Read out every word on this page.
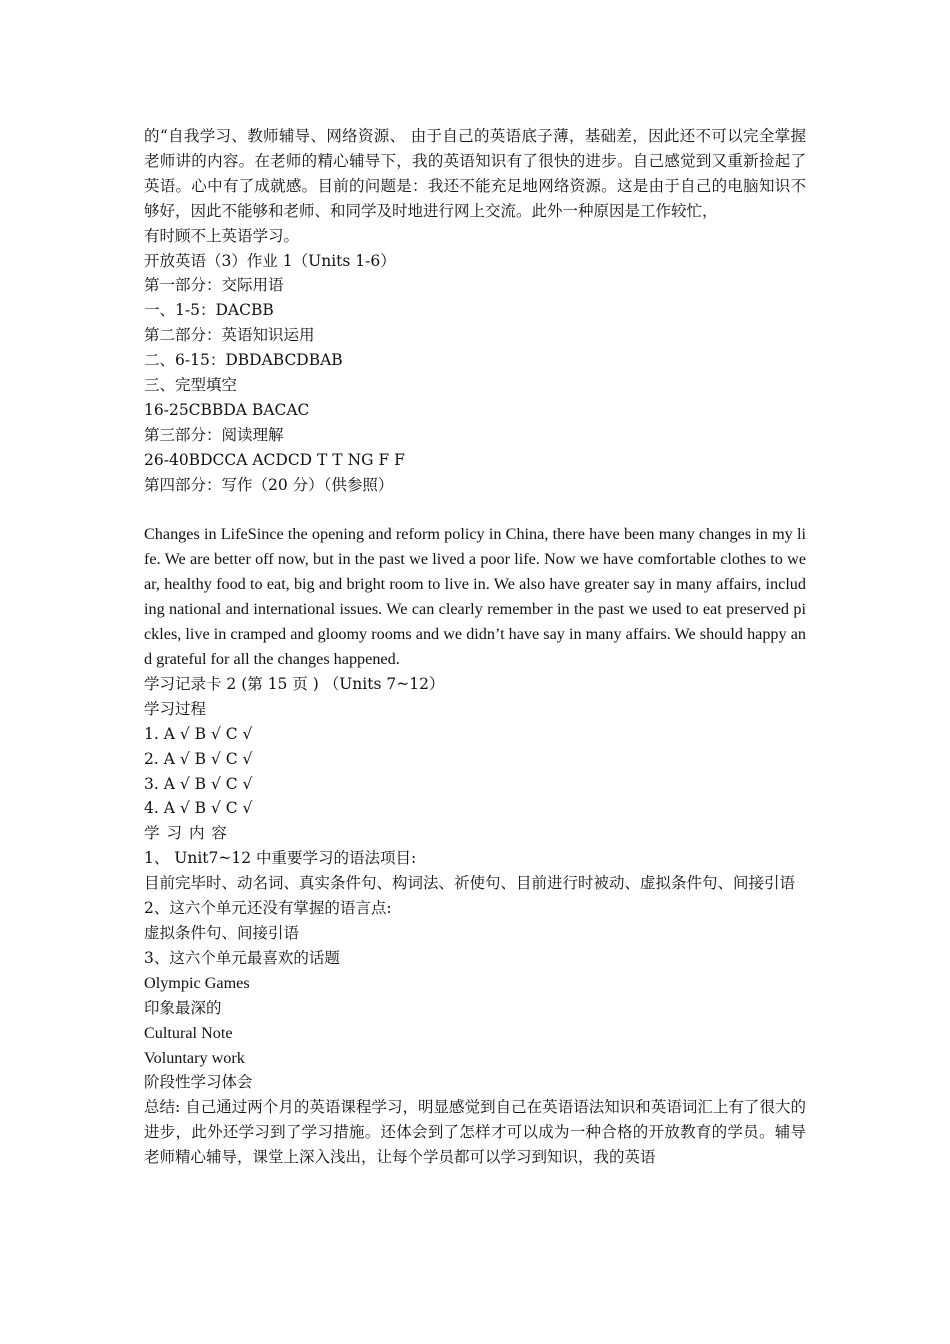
的“自我学习、教师辅导、网络资源、 由于自己的英语底子薄，基础差，因此还不可以完全掌握老师讲的内容。在老师的精心辅导下，我的英语知识有了很快的进步。自己感觉到又重新捡起了英语。心中有了成就感。目前的问题是：我还不能充足地网络资源。这是由于自己的电脑知识不够好，因此不能够和老师、和同学及时地进行网上交流。此外一种原因是工作较忙，
有时顾不上英语学习。
开放英语（3）作业 1（Units 1-6）
第一部分：交际用语
一、1-5：DACBB
第二部分：英语知识运用
二、6-15：DBDABCDBAB
三、完型填空
16-25CBBDA BACAC
第三部分：阅读理解
26-40BDCCA ACDCD T T NG F F
第四部分：写作（20 分）（供参照）
Changes in LifeSince the opening and reform policy in China, there have been many changes in my life. We are better off now, but in the past we lived a poor life. Now we have comfortable clothes to wear, healthy food to eat, big and bright room to live in. We also have greater say in many affairs, including national and international issues. We can clearly remember in the past we used to eat preserved pickles, live in cramped and gloomy rooms and we didn’t have say in many affairs. We should happy and grateful for all the changes happened.
学习记录卡 2 (第 15 页 ) （Units 7~12）
学习过程
1. A √ B √ C √
2. A √ B √ C √
3. A √ B √ C √
4. A √ B √ C √
学习内容
1、 Unit7~12 中重要学习的语法项目:
目前完毕时、动名词、真实条件句、构词法、祈使句、目前进行时被动、虚拟条件句、间接引语
2、这六个单元还没有掌握的语言点:
虚拟条件句、间接引语
3、这六个单元最喜欢的话题
Olympic Games
印象最深的
Cultural Note
Voluntary work
阶段性学习体会
总结: 自己通过两个月的英语课程学习，明显感觉到自己在英语语法知识和英语词汇上有了很大的进步，此外还学习到了学习措施。还体会到了怎样才可以成为一种合格的开放教育的学员。辅导老师精心辅导，课堂上深入浅出，让每个学员都可以学习到知识，我的英语
